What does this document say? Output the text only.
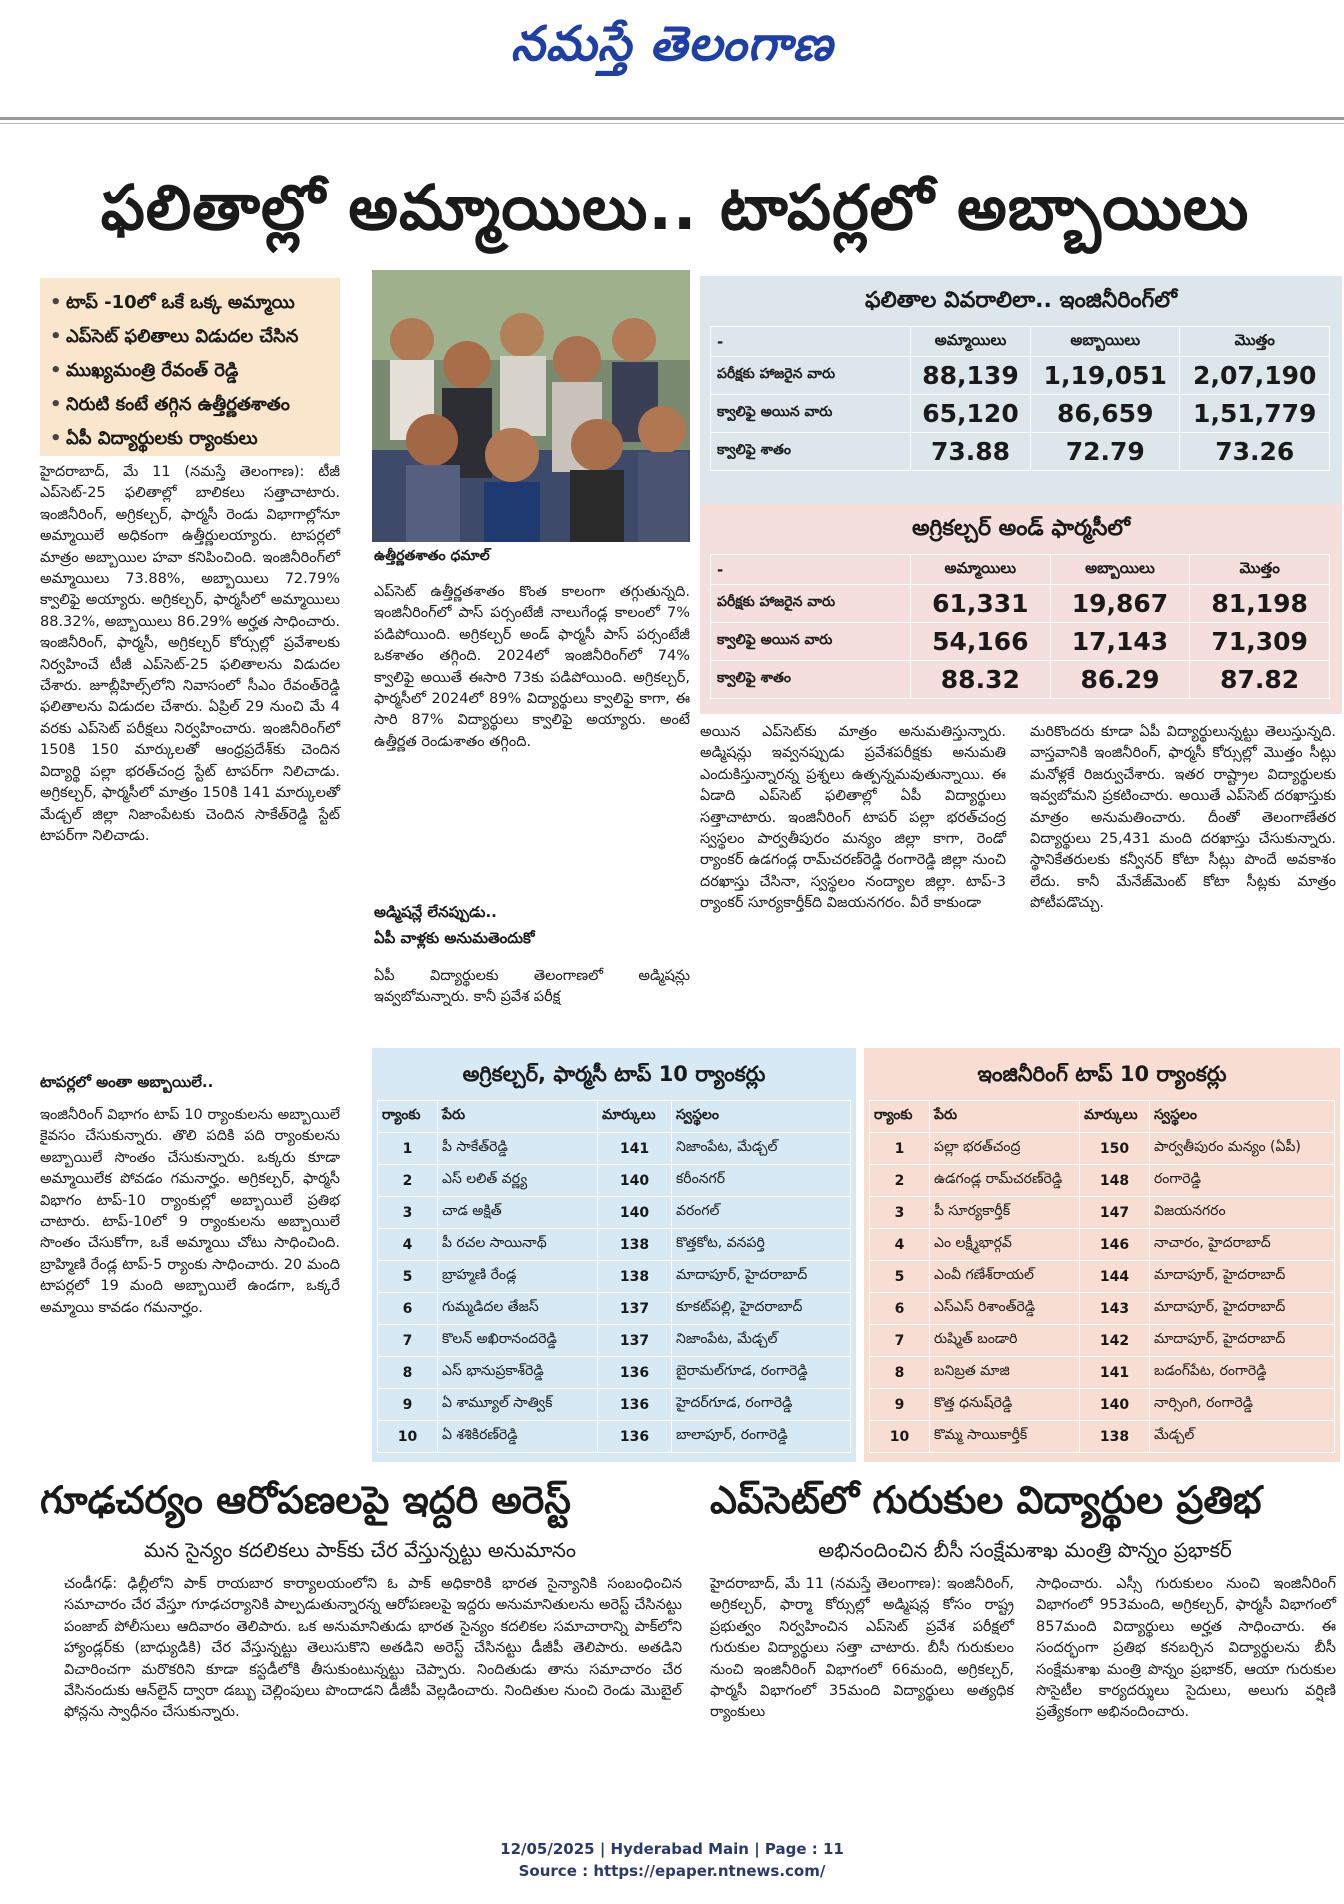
నమస్తే తెలంగాణ
ఫలితాల్లో అమ్మాయిలు.. టాపర్లలో అబ్బాయిలు
• టాప్ -10లో ఒకే ఒక్క అమ్మాయి
• ఎప్‌సెట్ ఫలితాలు విడుదల చేసిన
• ముఖ్యమంత్రి రేవంత్ రెడ్డి
• నిరుటి కంటే తగ్గిన ఉత్తీర్ణతశాతం
• ఏపీ విద్యార్థులకు ర్యాంకులు
ఉత్తీర్ణతశాతం ధమాల్
హైదరాబాద్, మే 11 (నమస్తే తెలంగాణ): టీజీ ఎప్‌సెట్-25 ఫలితాల్లో బాలికలు సత్తాచాటారు. ఇంజినీరింగ్, అగ్రికల్చర్, ఫార్మసీ రెండు విభాగాల్లోనూ అమ్మాయిలే అధికంగా ఉత్తీర్ణులయ్యారు. టాపర్లలో మాత్రం అబ్బాయిల హవా కనిపించింది. ఇంజినీరింగ్‌లో అమ్మాయిలు 73.88%, అబ్బాయిలు 72.79% క్వాలిఫై అయ్యారు. అగ్రికల్చర్, ఫార్మసీలో అమ్మాయిలు 88.32%, అబ్బాయిలు 86.29% అర్హత సాధించారు. ఇంజినీరింగ్, ఫార్మసీ, అగ్రికల్చర్ కోర్సుల్లో ప్రవేశాలకు నిర్వహించే టీజీ ఎప్‌సెట్-25 ఫలితాలను విడుదల చేశారు. జూబ్లీహిల్స్‌లోని నివాసంలో సీఎం రేవంత్‌రెడ్డి ఫలితాలను విడుదల చేశారు. ఏప్రిల్ 29 నుంచి మే 4 వరకు ఎప్‌సెట్ పరీక్షలు నిర్వహించారు. ఇంజినీరింగ్‌లో 150కి 150 మార్కులతో ఆంధ్రప్రదేశ్‌కు చెందిన విద్యార్థి పల్లా భరత్‌చంద్ర స్టేట్ టాపర్‌గా నిలిచాడు. అగ్రికల్చర్, ఫార్మసీలో మాత్రం 150కి 141 మార్కులతో మేడ్చల్ జిల్లా నిజాంపేటకు చెందిన సాకేత్‌రెడ్డి స్టేట్ టాపర్‌గా నిలిచాడు.
టాపర్లలో అంతా అబ్బాయిలే..
ఇంజినీరింగ్ విభాగం టాప్ 10 ర్యాంకులను అబ్బాయిలే కైవసం చేసుకున్నారు. తొలి పదికి పది ర్యాంకులను అబ్బాయిలే సొంతం చేసుకున్నారు. ఒక్కరు కూడా అమ్మాయిలేక పోవడం గమనార్హం. అగ్రికల్చర్, ఫార్మసీ విభాగం టాప్-10 ర్యాంకుల్లో అబ్బాయిలే ప్రతిభ చాటారు. టాప్-10లో 9 ర్యాంకులను అబ్బాయిలే సొంతం చేసుకోగా, ఒకే అమ్మాయి చోటు సాధించింది. బ్రాహ్మిణి రేండ్ల టాప్-5 ర్యాంకు సాధించారు. 20 మంది టాపర్లలో 19 మంది అబ్బాయిలే ఉండగా, ఒక్కరే అమ్మాయి కావడం గమనార్హం.
ఎప్‌సెట్ ఉత్తీర్ణతశాతం కొంత కాలంగా తగ్గుతున్నది. ఇంజినీరింగ్‌లో పాస్ పర్సంటేజీ నాలుగేండ్ల కాలంలో 7% పడిపోయింది. అగ్రికల్చర్ అండ్ ఫార్మసీ పాస్ పర్సంటేజీ ఒకశాతం తగ్గింది. 2024లో ఇంజినీరింగ్‌లో 74% క్వాలిఫై అయితే ఈసారి 73కు పడిపోయింది. అగ్రికల్చర్, ఫార్మసీలో 2024లో 89% విద్యార్థులు క్వాలిఫై కాగా, ఈ సారి 87% విద్యార్థులు క్వాలిఫై అయ్యారు. అంటే ఉత్తీర్ణత రెండుశాతం తగ్గింది.
అడ్మిషన్లే లేనప్పుడు..
ఏపీ వాళ్లకు అనుమతెందుకో
ఏపీ విద్యార్థులకు తెలంగాణలో అడ్మిషన్లు ఇవ్వబోమన్నారు. కానీ ప్రవేశ పరీక్ష
ఫలితాల వివరాలిలా.. ఇంజినీరింగ్‌లో
-	అమ్మాయిలు	అబ్బాయిలు	మొత్తం
పరీక్షకు హాజరైన వారు	88,139	1,19,051	2,07,190
క్వాలిఫై అయిన వారు	65,120	86,659	1,51,779
క్వాలిఫై శాతం	73.88	72.79	73.26
అగ్రికల్చర్ అండ్ ఫార్మసీలో
-	అమ్మాయిలు	అబ్బాయిలు	మొత్తం
పరీక్షకు హాజరైన వారు	61,331	19,867	81,198
క్వాలిఫై అయిన వారు	54,166	17,143	71,309
క్వాలిఫై శాతం	88.32	86.29	87.82
అయిన ఎప్‌సెట్‌కు మాత్రం అనుమతిస్తున్నారు. అడ్మిషన్లు ఇవ్వనప్పుడు ప్రవేశపరీక్షకు అనుమతి ఎందుకిస్తున్నారన్న ప్రశ్నలు ఉత్పన్నమవుతున్నాయి. ఈ ఏడాది ఎప్‌సెట్ ఫలితాల్లో ఏపీ విద్యార్థులు సత్తాచాటారు. ఇంజినీరింగ్ టాపర్ పల్లా భరత్‌చంద్ర స్వస్థలం పార్వతీపురం మన్యం జిల్లా కాగా, రెండో ర్యాంకర్ ఉడగండ్ల రామ్‌చరణ్‌రెడ్డి రంగారెడ్డి జిల్లా నుంచి దరఖాస్తు చేసినా, స్వస్థలం నంద్యాల జిల్లా. టాప్-3 ర్యాంకర్ సూర్యకార్తీక్‌ది విజయనగరం. వీరే కాకుండా
మరికొందరు కూడా ఏపీ విద్యార్థులున్నట్టు తెలుస్తున్నది. వాస్తవానికి ఇంజినీరింగ్, ఫార్మసీ కోర్సుల్లో మొత్తం సీట్లు మనోళ్లకే రిజర్వుచేశారు. ఇతర రాష్ట్రాల విద్యార్థులకు ఇవ్వబోమని ప్రకటించారు. అయితే ఎప్‌సెట్ దరఖాస్తుకు మాత్రం అనుమతించారు. దీంతో తెలంగాణేతర విద్యార్థులు 25,431 మంది దరఖాస్తు చేసుకున్నారు. స్థానికేతరులకు కన్వీనర్ కోటా సీట్లు పొందే అవకాశం లేదు. కానీ మేనేజ్‌మెంట్ కోటా సీట్లకు మాత్రం పోటీపడొచ్చు.
అగ్రికల్చర్, ఫార్మసీ టాప్ 10 ర్యాంకర్లు
ర్యాంకు	పేరు	మార్కులు	స్వస్థలం
1	పీ సాకేత్‌రెడ్డి	141	నిజాంపేట, మేడ్చల్
2	ఎస్ లలిత్ వర్ణ్య	140	కరీంనగర్
3	చాడ అక్షిత్	140	వరంగల్
4	పీ రచల సాయినాథ్	138	కొత్తకోట, వనపర్తి
5	బ్రాహ్మణి రేండ్ల	138	మాదాపూర్, హైదరాబాద్
6	గుమ్మడిదల తేజస్	137	కూకట్‌పల్లి, హైదరాబాద్
7	కొలన్ అఖిరానందరెడ్డి	137	నిజాంపేట, మేడ్చల్
8	ఎస్ భానుప్రకాశ్‌రెడ్డి	136	బైరామల్‌గూడ, రంగారెడ్డి
9	ఏ శామ్యూల్ సాత్విక్	136	హైదర్‌గూడ, రంగారెడ్డి
10	ఏ శశికిరణ్‌రెడ్డి	136	బాలాపూర్, రంగారెడ్డి
ఇంజినీరింగ్ టాప్ 10 ర్యాంకర్లు
ర్యాంకు	పేరు	మార్కులు	స్వస్థలం
1	పల్లా భరత్‌చంద్ర	150	పార్వతీపురం మన్యం (ఏపీ)
2	ఉడగండ్ల రామ్‌చరణ్‌రెడ్డి	148	రంగారెడ్డి
3	పీ సూర్యకార్తీక్	147	విజయనగరం
4	ఎం లక్ష్మీభార్గవ్	146	నాచారం, హైదరాబాద్
5	ఎంవీ గణేశ్‌రాయల్	144	మాదాపూర్, హైదరాబాద్
6	ఎస్ఎస్ రిశాంత్‌రెడ్డి	143	మాదాపూర్, హైదరాబాద్
7	రుష్మిత్ బండారి	142	మాదాపూర్, హైదరాబాద్
8	బనిబ్రత మాజి	141	బడంగ్‌పేట, రంగారెడ్డి
9	కొత్త ధనుష్‌రెడ్డి	140	నార్సింగి, రంగారెడ్డి
10	కొమ్మ సాయికార్తీక్	138	మేడ్చల్
గూఢచర్యం ఆరోపణలపై ఇద్దరి అరెస్ట్
మన సైన్యం కదలికలు పాక్‌కు చేర వేస్తున్నట్టు అనుమానం
చండీగఢ్: ఢిల్లీలోని పాక్ రాయబార కార్యాలయంలోని ఓ పాక్ అధికారికి భారత సైన్యానికి సంబంధించిన సమాచారం చేర వేస్తూ గూఢచర్యానికి పాల్పడుతున్నారన్న ఆరోపణలపై ఇద్దరు అనుమానితులను అరెస్ట్ చేసినట్టు పంజాబ్ పోలీసులు ఆదివారం తెలిపారు. ఒక అనుమానితుడు భారత సైన్యం కదలికల సమాచారాన్ని పాక్‌లోని హ్యాండ్లర్‌కు (బాధ్యుడికి) చేర వేస్తున్నట్టు తెలుసుకొని అతడిని అరెస్ట్ చేసినట్టు డీజీపీ తెలిపారు. అతడిని విచారించగా మరొకరిని కూడా కస్టడీలోకి తీసుకుంటున్నట్టు చెప్పారు. నిందితుడు తాను సమాచారం చేర వేసినందుకు ఆన్‌లైన్ ద్వారా డబ్బు చెల్లింపులు పొందాడని డీజీపీ వెల్లడించారు. నిందితుల నుంచి రెండు మొబైల్ ఫోన్లను స్వాధీనం చేసుకున్నారు.
ఎప్‌సెట్‌లో గురుకుల విద్యార్థుల ప్రతిభ
అభినందించిన బీసీ సంక్షేమశాఖ మంత్రి పొన్నం ప్రభాకర్
హైదరాబాద్, మే 11 (నమస్తే తెలంగాణ): ఇంజినీరింగ్, అగ్రికల్చర్, ఫార్మా కోర్సుల్లో అడ్మిషన్ల కోసం రాష్ట్ర ప్రభుత్వం నిర్వహించిన ఎప్‌సెట్ ప్రవేశ పరీక్షలో గురుకుల విద్యార్థులు సత్తా చాటారు. బీసీ గురుకులం నుంచి ఇంజినీరింగ్ విభాగంలో 66మంది, అగ్రికల్చర్, ఫార్మసీ విభాగంలో 35మంది విద్యార్థులు అత్యధిక ర్యాంకులు
సాధించారు. ఎస్సీ గురుకులం నుంచి ఇంజినీరింగ్ విభాగంలో 953మంది, అగ్రికల్చర్, ఫార్మసీ విభాగంలో 857మంది విద్యార్థులు అర్హత సాధించారు. ఈ సందర్భంగా ప్రతిభ కనబర్చిన విద్యార్థులను బీసీ సంక్షేమశాఖ మంత్రి పొన్నం ప్రభాకర్, ఆయా గురుకుల సొసైటీల కార్యదర్శులు సైదులు, అలుగు వర్షిణి ప్రత్యేకంగా అభినందించారు.
12/05/2025 | Hyderabad Main | Page : 11
Source : https://epaper.ntnews.com/
